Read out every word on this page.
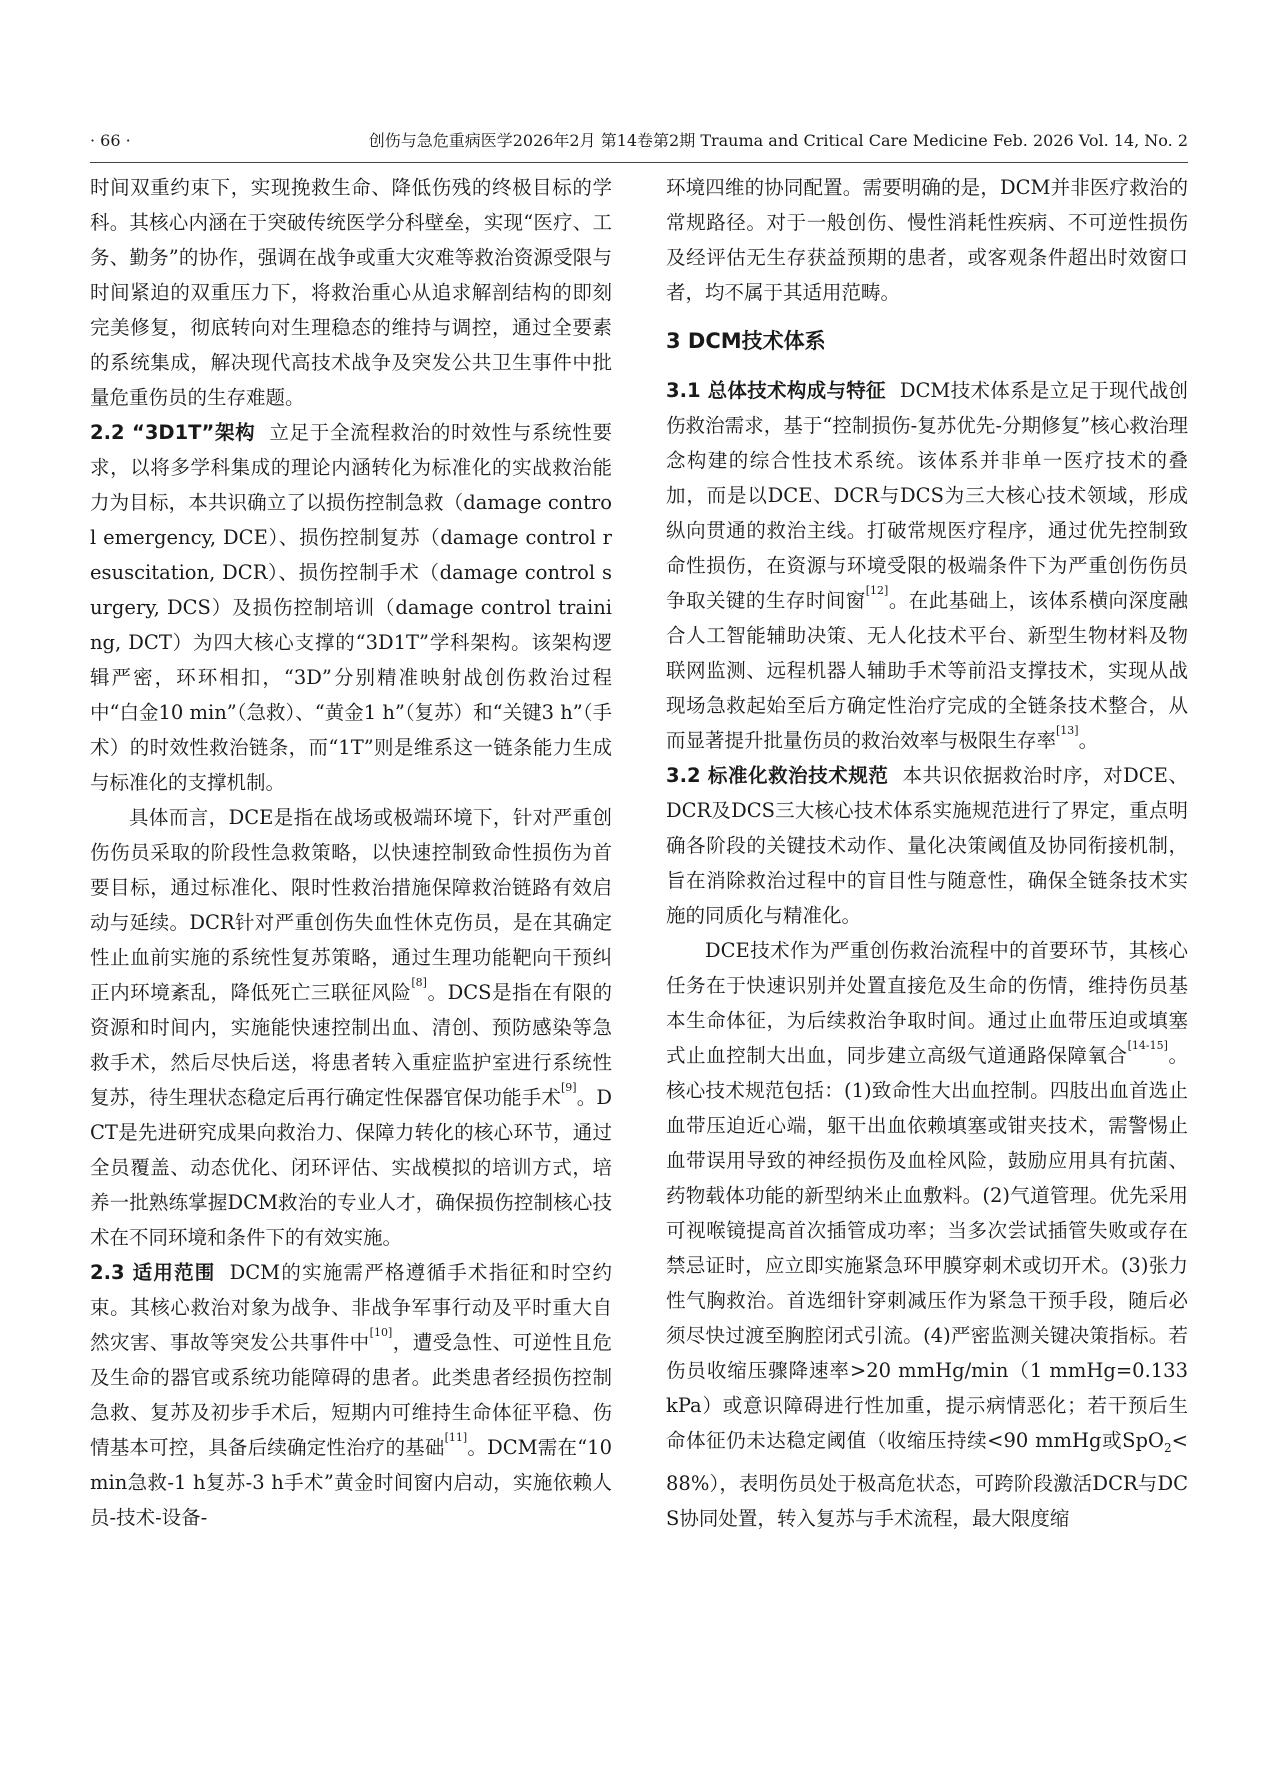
· 66 ·	创伤与急危重病医学2026年2月 第14卷第2期 Trauma and Critical Care Medicine Feb. 2026 Vol. 14, No. 2

时间双重约束下，实现挽救生命、降低伤残的终极目标的学科。其核心内涵在于突破传统医学分科壁垒，实现“医疗、工务、勤务”的协作，强调在战争或重大灾难等救治资源受限与时间紧迫的双重压力下，将救治重心从追求解剖结构的即刻完美修复，彻底转向对生理稳态的维持与调控，通过全要素的系统集成，解决现代高技术战争及突发公共卫生事件中批量危重伤员的生存难题。

2.2 “3D1T”架构 立足于全流程救治的时效性与系统性要求，以将多学科集成的理论内涵转化为标准化的实战救治能力为目标，本共识确立了以损伤控制急救（damage control emergency, DCE）、损伤控制复苏（damage control resuscitation, DCR）、损伤控制手术（damage control surgery, DCS）及损伤控制培训（damage control training, DCT）为四大核心支撑的“3D1T”学科架构。该架构逻辑严密，环环相扣，“3D”分别精准映射战创伤救治过程中“白金10 min”（急救）、“黄金1 h”（复苏）和“关键3 h”（手术）的时效性救治链条，而“1T”则是维系这一链条能力生成与标准化的支撑机制。

具体而言，DCE是指在战场或极端环境下，针对严重创伤伤员采取的阶段性急救策略，以快速控制致命性损伤为首要目标，通过标准化、限时性救治措施保障救治链路有效启动与延续。DCR针对严重创伤失血性休克伤员，是在其确定性止血前实施的系统性复苏策略，通过生理功能靶向干预纠正内环境紊乱，降低死亡三联征风险[8]。DCS是指在有限的资源和时间内，实施能快速控制出血、清创、预防感染等急救手术，然后尽快后送，将患者转入重症监护室进行系统性复苏，待生理状态稳定后再行确定性保器官保功能手术[9]。DCT是先进研究成果向救治力、保障力转化的核心环节，通过全员覆盖、动态优化、闭环评估、实战模拟的培训方式，培养一批熟练掌握DCM救治的专业人才，确保损伤控制核心技术在不同环境和条件下的有效实施。

2.3 适用范围 DCM的实施需严格遵循手术指征和时空约束。其核心救治对象为战争、非战争军事行动及平时重大自然灾害、事故等突发公共事件中[10]，遭受急性、可逆性且危及生命的器官或系统功能障碍的患者。此类患者经损伤控制急救、复苏及初步手术后，短期内可维持生命体征平稳、伤情基本可控，具备后续确定性治疗的基础[11]。DCM需在“10 min急救-1 h复苏-3 h手术”黄金时间窗内启动，实施依赖人员-技术-设备-

环境四维的协同配置。需要明确的是，DCM并非医疗救治的常规路径。对于一般创伤、慢性消耗性疾病、不可逆性损伤及经评估无生存获益预期的患者，或客观条件超出时效窗口者，均不属于其适用范畴。

3 DCM技术体系

3.1 总体技术构成与特征 DCM技术体系是立足于现代战创伤救治需求，基于“控制损伤-复苏优先-分期修复”核心救治理念构建的综合性技术系统。该体系并非单一医疗技术的叠加，而是以DCE、DCR与DCS为三大核心技术领域，形成纵向贯通的救治主线。打破常规医疗程序，通过优先控制致命性损伤，在资源与环境受限的极端条件下为严重创伤伤员争取关键的生存时间窗[12]。在此基础上，该体系横向深度融合人工智能辅助决策、无人化技术平台、新型生物材料及物联网监测、远程机器人辅助手术等前沿支撑技术，实现从战现场急救起始至后方确定性治疗完成的全链条技术整合，从而显著提升批量伤员的救治效率与极限生存率[13]。

3.2 标准化救治技术规范 本共识依据救治时序，对DCE、DCR及DCS三大核心技术体系实施规范进行了界定，重点明确各阶段的关键技术动作、量化决策阈值及协同衔接机制，旨在消除救治过程中的盲目性与随意性，确保全链条技术实施的同质化与精准化。

DCE技术作为严重创伤救治流程中的首要环节，其核心任务在于快速识别并处置直接危及生命的伤情，维持伤员基本生命体征，为后续救治争取时间。通过止血带压迫或填塞式止血控制大出血，同步建立高级气道通路保障氧合[14-15]。核心技术规范包括：(1)致命性大出血控制。四肢出血首选止血带压迫近心端，躯干出血依赖填塞或钳夹技术，需警惕止血带误用导致的神经损伤及血栓风险，鼓励应用具有抗菌、药物载体功能的新型纳米止血敷料。(2)气道管理。优先采用可视喉镜提高首次插管成功率；当多次尝试插管失败或存在禁忌证时，应立即实施紧急环甲膜穿刺术或切开术。(3)张力性气胸救治。首选细针穿刺减压作为紧急干预手段，随后必须尽快过渡至胸腔闭式引流。(4)严密监测关键决策指标。若伤员收缩压骤降速率>20 mmHg/min（1 mmHg=0.133 kPa）或意识障碍进行性加重，提示病情恶化；若干预后生命体征仍未达稳定阈值（收缩压持续<90 mmHg或SpO$_2$<88%），表明伤员处于极高危状态，可跨阶段激活DCR与DCS协同处置，转入复苏与手术流程，最大限度缩
